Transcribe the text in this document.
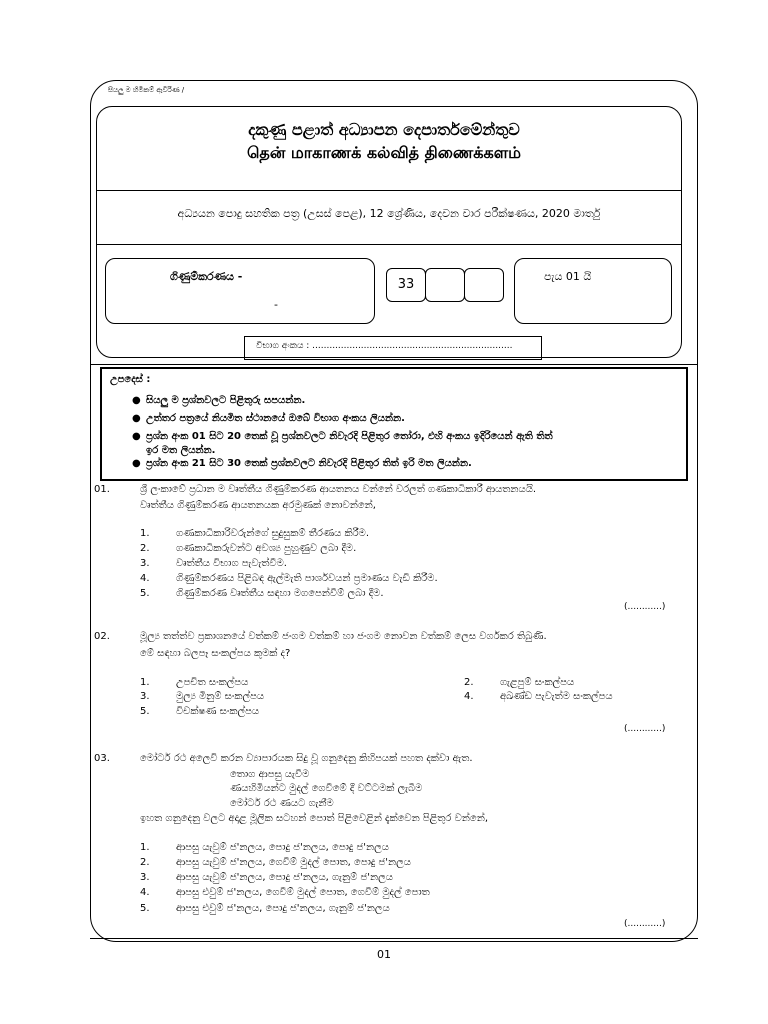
සියලු ම හිමිකම් ඇවිරිණ /
දකුණු පළාත් අධ්‍යාපන දෙපාර්තමේන්තුව
தென் மாகாணக் கல்வித் திணைக்களம்
අධ්‍යයන පොදු සහතික පත්‍ර (උසස් පෙළ), 12 ශ්‍රේණිය, දෙවන වාර පරීක්ෂණය, 2020 මාර්තු
ගිණුම්කරණය -
-
33
පැය 01 යි
විභාග අංකය : ......................................................................
උපදෙස් :
● සියලු ම ප්‍රශ්නවලට පිළිතුරු සපයන්න.
● උත්තර පත්‍රයේ නියමිත ස්ථානයේ ඔබේ විභාග අංකය ලියන්න.
● ප්‍රශ්න අංක 01 සිට 20 තෙක් වූ ප්‍රශ්නවලට නිවැරදි පිළිතුර තෝරා, එහි අංකය ඉදිරියෙන් ඇති තිත්
ඉර මත ලියන්න.
● ප්‍රශ්න අංක 21 සිට 30 තෙක් ප්‍රශ්නවලට නිවැරදි පිළිතුර තිත් ඉරි මත ලියන්න.
01.	ශ්‍රී ලංකාවේ ප්‍රධාන ම වෘත්තීය ගිණුම්කරණ ආයතනය වන්නේ වරලත් ගණකාධිකාරී ආයතනයයි.
වෘත්තීය ගිණුම්කරණ ආයතනයක අරමුණක් නොවන්නේ,
1.	ගණකාධිකාරිවරුන්ගේ සුදුසුකම් තීරණය කිරීම.
2.	ගණකාධිකරුවන්ට අවශ්‍ය පුහුණුව ලබා දීම.
3.	වෘත්තීය විභාග පැවැත්වීම.
4.	ගිණුම්කරණය පිළිබඳ ඇල්මැති පාර්ශවයන් ප්‍රමාණය වැඩි කිරීම.
5.	ගිණුම්කරණ වෘත්තීය සඳහා මගපෙන්වීම් ලබා දීම.
(............)
02.	මූල්‍ය තත්ත්ව ප්‍රකාශනයේ වත්කම් ජංගම වත්කම් හා ජංගම නොවන වත්කම් ලෙස වර්ගකර තිබුණි.
මේ සඳහා බලපෑ සංකල්පය කුමක් ද?
1.	උපචිත සංකල්පය	2.	ගැළපුම් සංකල්පය
3.	මුල්‍ය මිනුම් සංකල්පය	4.	අඛණ්ඩ පැවැත්ම සංකල්පය
5.	විචක්ෂණ සංකල්පය
(............)
03.	මෝටර් රථ අලෙවි කරන ව්‍යාපාරයක සිදු වූ ගනුදෙනු කිහිපයක් පහත දක්වා ඇත.
තොග ආපසු යැවීම
ණයහිමියන්ට මුදල් ගෙවීමේ දී වට්ටමක් ලැබීම
මෝටර් රථ ණයට ගැනීම
ඉහත ගනුදෙනු වලට අදාළ මූලික සටහන් පොත් පිළිවෙළින් දැක්වෙන පිළිතුර වන්නේ,
1.	ආපසු යැවුම් ජ'නලය, පොදු ජ'නලය, පොදු ජ'නලය
2.	ආපසු යැවුම් ජ'නලය, ගෙවීම් මුදල් පොත, පොදු ජ'නලය
3.	ආපසු යැවුම් ජ'නලය, පොදු ජ'නලය, ගැනුම් ජ'නලය
4.	ආපසු එවුම් ජ'නලය, ගෙවීම් මුදල් පොත, ගෙවීම් මුදල් පොත
5.	ආපසු එවුම් ජ'නලය, පොදු ජ'නලය, ගැනුම් ජ'නලය
(............)
01
